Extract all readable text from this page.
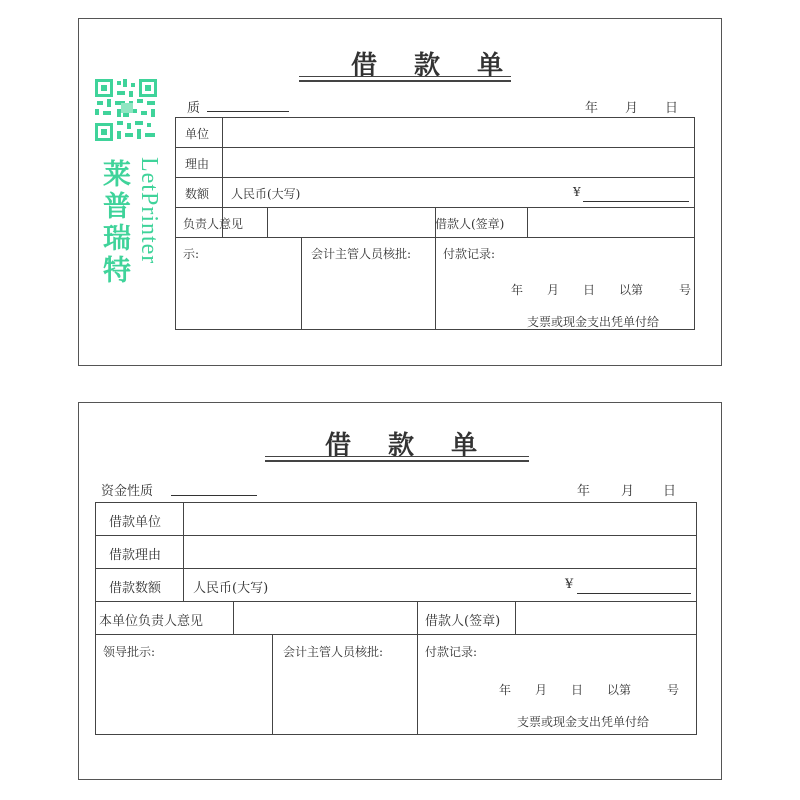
借 款 单
质	年 月 日
单位
理由
数额 人民币(大写)	¥
负责人意见	借款人(签章)
示:	会计主管人员核批:	付款记录:
年　　月　　日　　以第　　　号
支票或现金支出凭单付给
莱普瑞特 LetPrinter
借 款 单
资金性质	年 月 日
借款单位
借款理由
借款数额 人民币(大写)	¥
本单位负责人意见	借款人(签章)
领导批示:	会计主管人员核批:	付款记录:
年　　月　　日　　以第　　　号
支票或现金支出凭单付给
